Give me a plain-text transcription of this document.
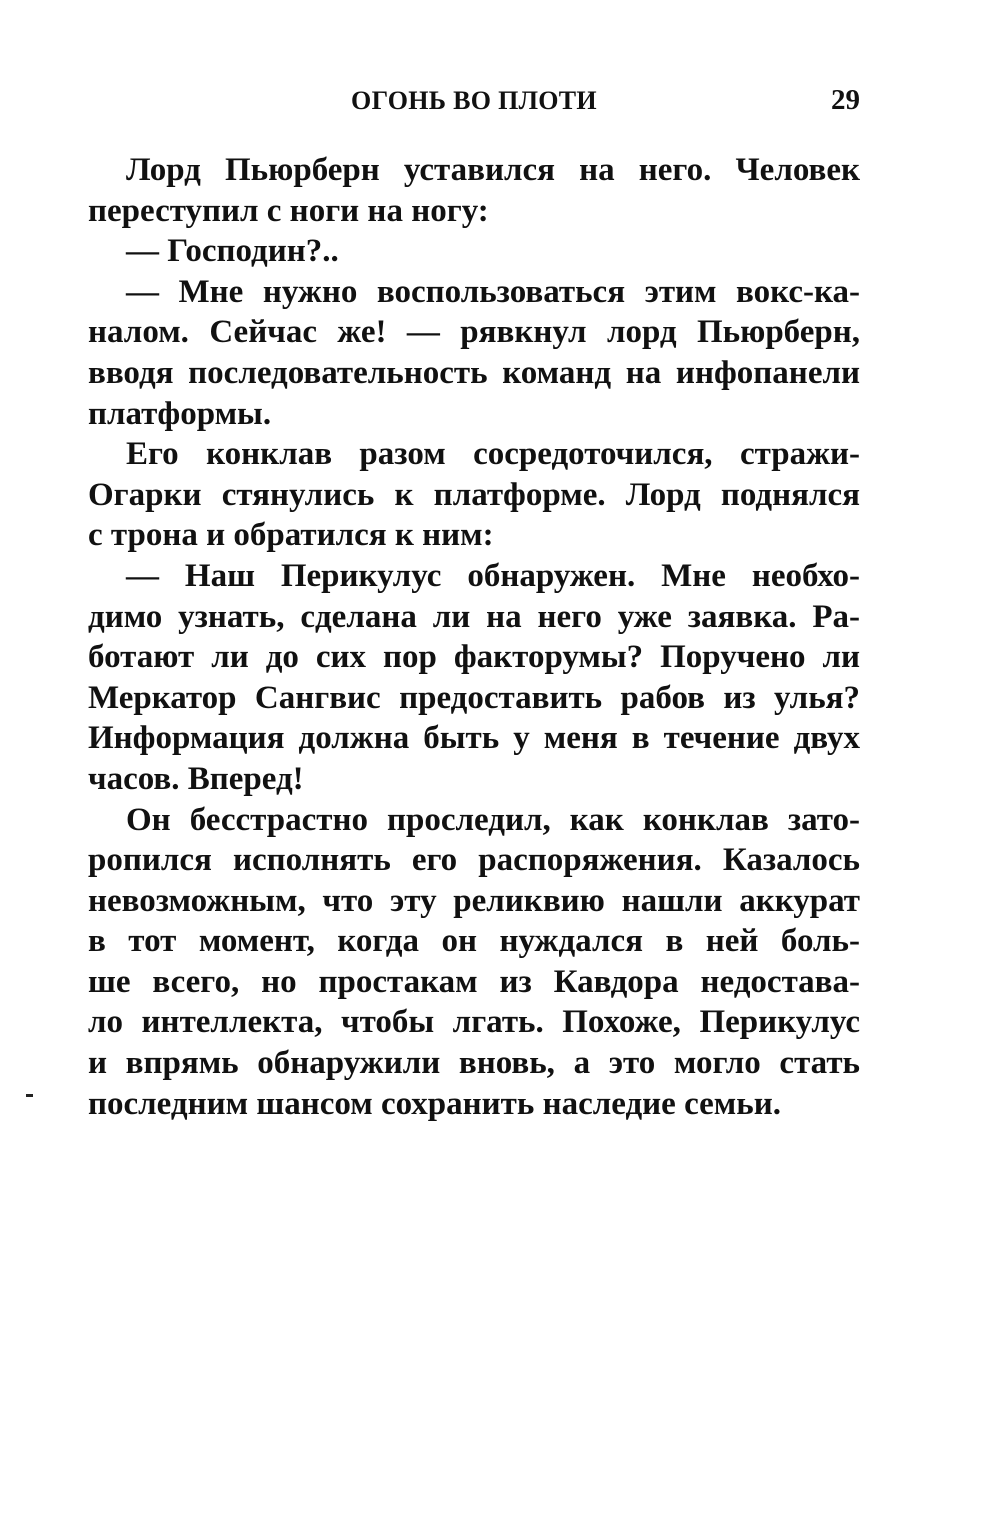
ОГОНЬ ВО ПЛОТИ	29
Лорд Пьюрберн уставился на него. Человек
переступил с ноги на ногу:
— Господин?..
— Мне нужно воспользоваться этим вокс-ка-
налом. Сейчас же! — рявкнул лорд Пьюрберн,
вводя последовательность команд на инфопанели
платформы.
Его конклав разом сосредоточился, стражи-
Огарки стянулись к платформе. Лорд поднялся
с трона и обратился к ним:
— Наш Перикулус обнаружен. Мне необхо-
димо узнать, сделана ли на него уже заявка. Ра-
ботают ли до сих пор факторумы? Поручено ли
Меркатор Сангвис предоставить рабов из улья?
Информация должна быть у меня в течение двух
часов. Вперед!
Он бесстрастно проследил, как конклав зато-
ропился исполнять его распоряжения. Казалось
невозможным, что эту реликвию нашли аккурат
в тот момент, когда он нуждался в ней боль-
ше всего, но простакам из Кавдора недостава-
ло интеллекта, чтобы лгать. Похоже, Перикулус
и впрямь обнаружили вновь, а это могло стать
последним шансом сохранить наследие семьи.
